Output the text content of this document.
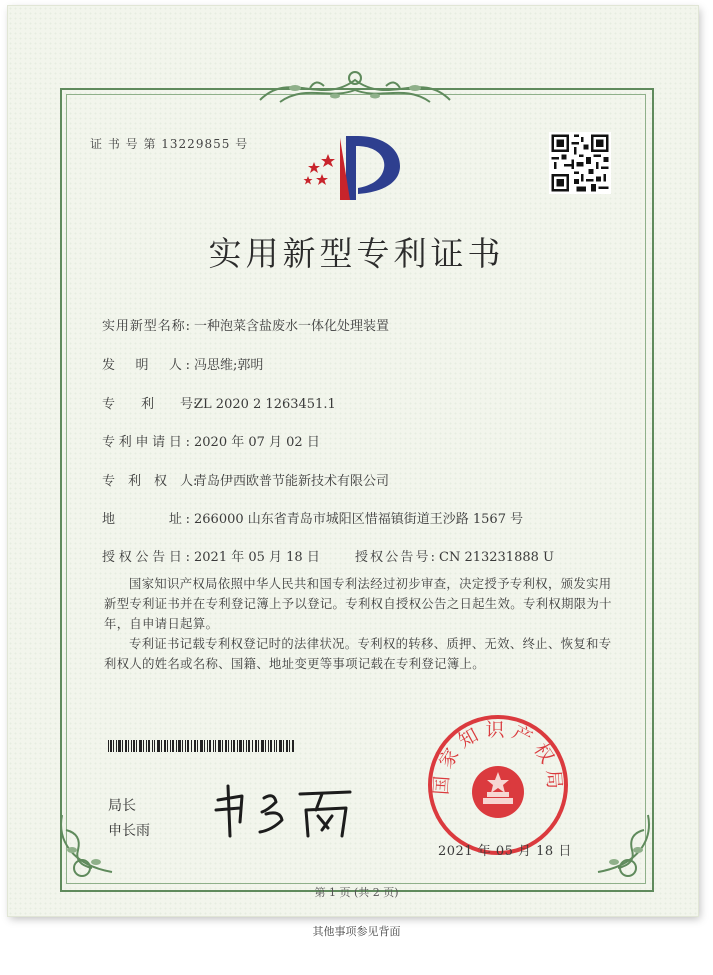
证 书 号 第 13229855 号
实用新型专利证书
实用新型名称: 一种泡菜含盐废水一体化处理装置
发　明　人: 冯思维;郭明
专　　利　　号:ZL 2020 2 1263451.1
专利申请日: 2020 年 07 月 02 日
专　利　权　人:青岛伊西欧普节能新技术有限公司
地　　　址: 266000 山东省青岛市城阳区惜福镇街道王沙路 1567 号
授权公告日: 2021 年 05 月 18 日	授权公告号: CN 213231888 U
国家知识产权局依照中华人民共和国专利法经过初步审查，决定授予专利权，颁发实用新型专利证书并在专利登记簿上予以登记。专利权自授权公告之日起生效。专利权期限为十年，自申请日起算。
专利证书记载专利权登记时的法律状况。专利权的转移、质押、无效、终止、恢复和专利权人的姓名或名称、国籍、地址变更等事项记载在专利登记簿上。
局长
申长雨
国家知识产权局
2021 年 05 月 18 日
第 1 页 (共 2 页)
其他事项参见背面
